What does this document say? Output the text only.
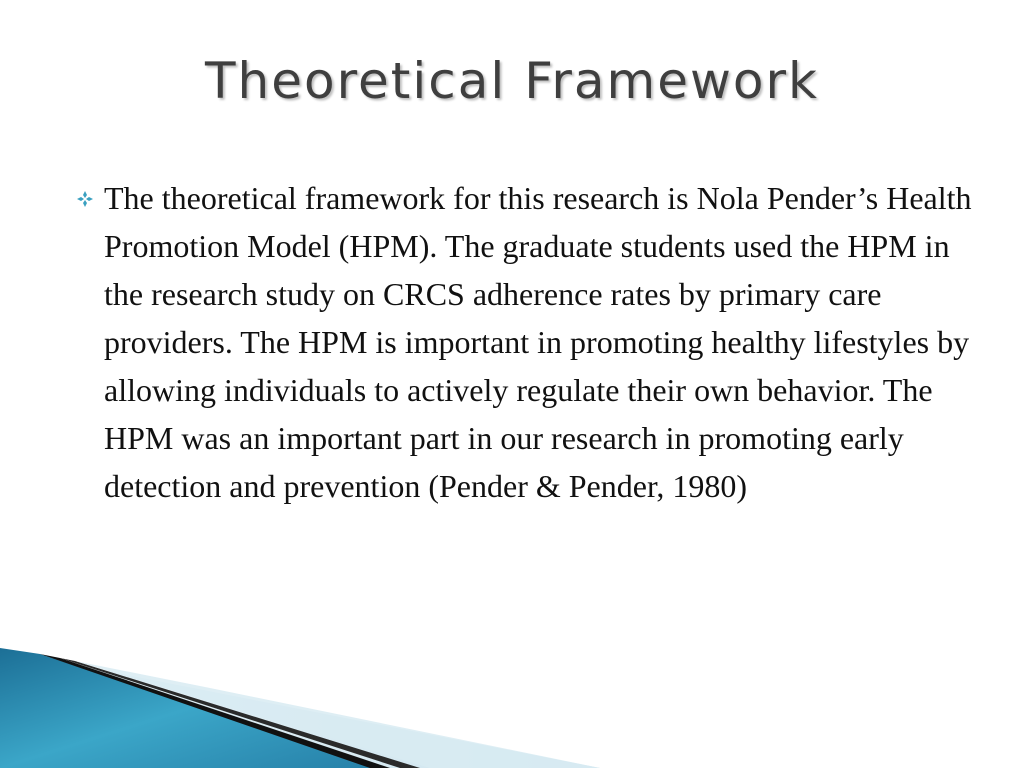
Theoretical Framework

The theoretical framework for this research is Nola Pender’s Health Promotion Model (HPM). The graduate students used the HPM in the research study on CRCS adherence rates by primary care providers. The HPM is important in promoting healthy lifestyles by allowing individuals to actively regulate their own behavior. The HPM was an important part in our research in promoting early detection and prevention (Pender & Pender, 1980)
